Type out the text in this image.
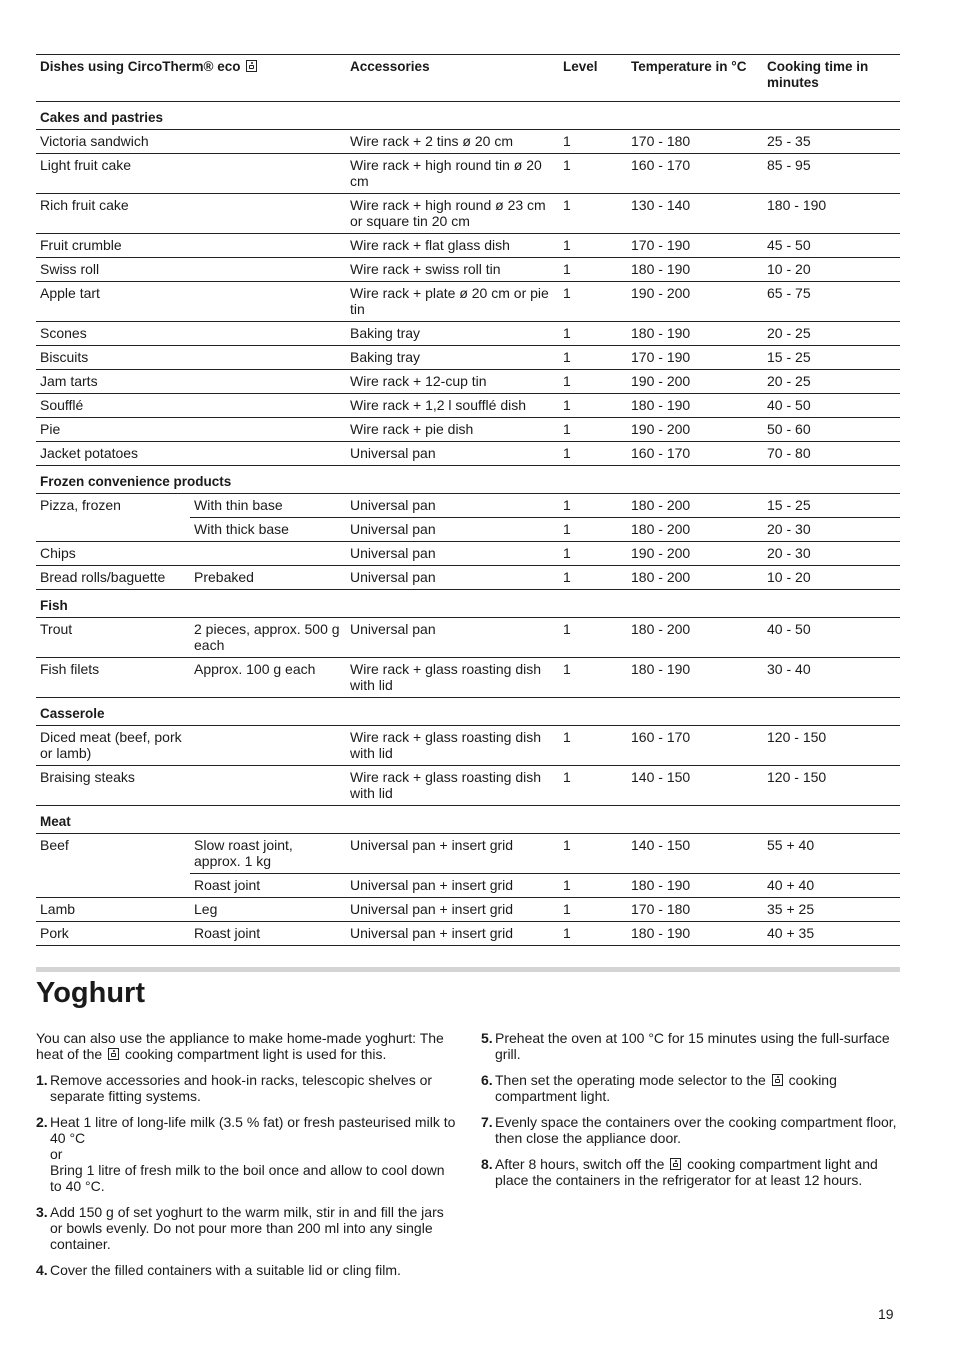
Dishes using CircoTherm® eco		Accessories	Level	Temperature in °C	Cooking time in minutes
Cakes and pastries					
Victoria sandwich		Wire rack + 2 tins ø 20 cm	1	170 - 180	25 - 35
Light fruit cake		Wire rack + high round tin ø 20 cm	1	160 - 170	85 - 95
Rich fruit cake		Wire rack + high round ø 23 cm or square tin 20 cm	1	130 - 140	180 - 190
Fruit crumble		Wire rack + flat glass dish	1	170 - 190	45 - 50
Swiss roll		Wire rack + swiss roll tin	1	180 - 190	10 - 20
Apple tart		Wire rack + plate ø 20 cm or pie tin	1	190 - 200	65 - 75
Scones		Baking tray	1	180 - 190	20 - 25
Biscuits		Baking tray	1	170 - 190	15 - 25
Jam tarts		Wire rack + 12-cup tin	1	190 - 200	20 - 25
Soufflé		Wire rack + 1,2 l soufflé dish	1	180 - 190	40 - 50
Pie		Wire rack + pie dish	1	190 - 200	50 - 60
Jacket potatoes		Universal pan	1	160 - 170	70 - 80
Frozen convenience products					
Pizza, frozen	With thin base	Universal pan	1	180 - 200	15 - 25
	With thick base	Universal pan	1	180 - 200	20 - 30
Chips		Universal pan	1	190 - 200	20 - 30
Bread rolls/baguette	Prebaked	Universal pan	1	180 - 200	10 - 20
Fish					
Trout	2 pieces, approx. 500 g each	Universal pan	1	180 - 200	40 - 50
Fish filets	Approx. 100 g each	Wire rack + glass roasting dish with lid	1	180 - 190	30 - 40
Casserole					
Diced meat (beef, pork or lamb)		Wire rack + glass roasting dish with lid	1	160 - 170	120 - 150
Braising steaks		Wire rack + glass roasting dish with lid	1	140 - 150	120 - 150
Meat					
Beef	Slow roast joint, approx. 1 kg	Universal pan + insert grid	1	140 - 150	55 + 40
	Roast joint	Universal pan + insert grid	1	180 - 190	40 + 40
Lamb	Leg	Universal pan + insert grid	1	170 - 180	35 + 25
Pork	Roast joint	Universal pan + insert grid	1	180 - 190	40 + 35
Yoghurt

You can also use the appliance to make home-made yoghurt: The heat of the  cooking compartment light is used for this.

1. Remove accessories and hook-in racks, telescopic shelves or separate fitting systems.
2. Heat 1 litre of long-life milk (3.5 % fat) or fresh pasteurised milk to 40 °C
or
Bring 1 litre of fresh milk to the boil once and allow to cool down to 40 °C.
3. Add 150 g of set yoghurt to the warm milk, stir in and fill the jars or bowls evenly. Do not pour more than 200 ml into any single container.
4. Cover the filled containers with a suitable lid or cling film.
5. Preheat the oven at 100 °C for 15 minutes using the full-surface grill.
6. Then set the operating mode selector to the  cooking compartment light.
7. Evenly space the containers over the cooking compartment floor, then close the appliance door.
8. After 8 hours, switch off the  cooking compartment light and place the containers in the refrigerator for at least 12 hours.
19
